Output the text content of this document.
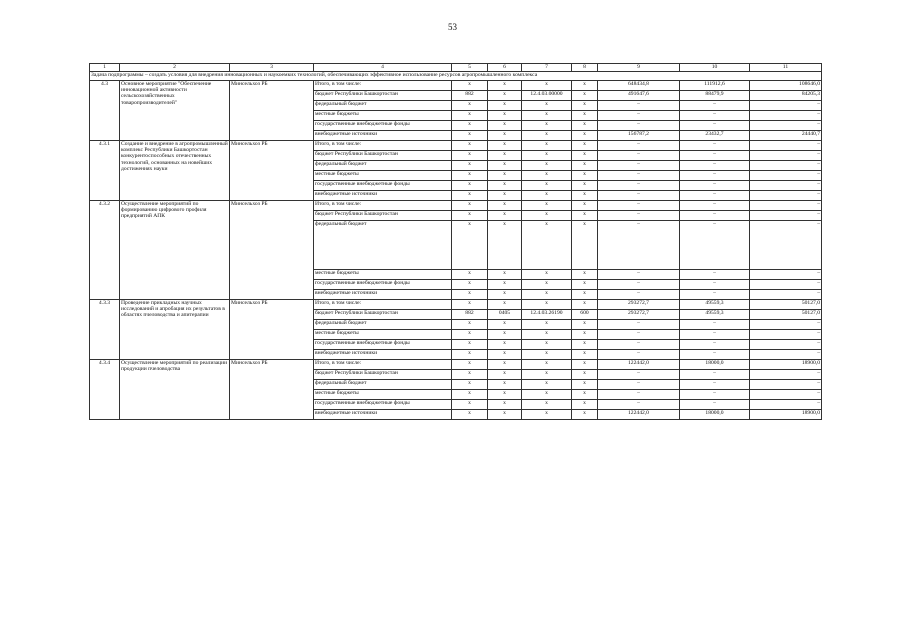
53
1	2	3	4	5	6	7	8	9	10	11
Задача подпрограммы – создать условия для внедрения инновационных и наукоемких технологий, обеспечивающих эффективное использование ресурсов агропромышленного комплекса										
4.3	Основное мероприятие "Обеспечение инновационной активности сельскохозяйственных товаропроизводителей"	Минсельхоз РБ	Итого, в том числе:	x	x	x	x	648434,8	111912,6	108646,0
			бюджет Республики Башкортостан	882	x	12.4.03.00000	x	491647,6	88479,9	84205,3
			федеральный бюджет	x	x	x	x	–	–	–
			местные бюджеты	x	x	x	x	–	–	–
			государственные внебюджетные фонды	x	x	x	x	–	–	–
			внебюджетные источники	x	x	x	x	156787,2	23432,7	24440,7
4.3.1	Создание и внедрение в агропромышленный комплекс Республики Башкортостан конкурентоспособных отечественных технологий, основанных на новейших достижениях науки	Минсельхоз РБ	Итого, в том числе:	x	x	x	x	–	–	–
			бюджет Республики Башкортостан	x	x	x	x	–	–	–
			федеральный бюджет	x	x	x	x	–	–	–
			местные бюджеты	x	x	x	x	–	–	–
			государственные внебюджетные фонды	x	x	x	x	–	–	–
			внебюджетные источники	x	x	x	x	–	–	–
4.3.2	Осуществление мероприятий по формированию цифрового профиля предприятий АПК	Минсельхоз РБ	Итого, в том числе:	x	x	x	x	–	–	–
			бюджет Республики Башкортостан	x	x	x	x	–	–	–
			федеральный бюджет	x	x	x	x	–	–	–
			местные бюджеты	x	x	x	x	–	–	–
			государственные внебюджетные фонды	x	x	x	x	–	–	–
			внебюджетные источники	x	x	x	x	–	–	–
4.3.3	Проведение прикладных научных исследований и апробация их результатов в областях пчеловодства и апитерапии	Минсельхоз РБ	Итого, в том числе:	x	x	x	x	293272,7	49559,3	50127,0
			бюджет Республики Башкортостан	882	0405	12.4.03.26190	600	293272,7	49559,3	50127,0
			федеральный бюджет	x	x	x	x	–	–	–
			местные бюджеты	x	x	x	x	–	–	–
			государственные внебюджетные фонды	x	x	x	x	–	–	–
			внебюджетные источники	x	x	x	x	–	–	–
4.3.4	Осуществление мероприятий по реализации продукции пчеловодства	Минсельхоз РБ	Итого, в том числе:	x	x	x	x	122442,0	18000,0	18900,0
			бюджет Республики Башкортостан	x	x	x	x	–	–	–
			федеральный бюджет	x	x	x	x	–	–	–
			местные бюджеты	x	x	x	x	–	–	–
			государственные внебюджетные фонды	x	x	x	x	–	–	–
			внебюджетные источники	x	x	x	x	122442,0	18000,0	18900,0
